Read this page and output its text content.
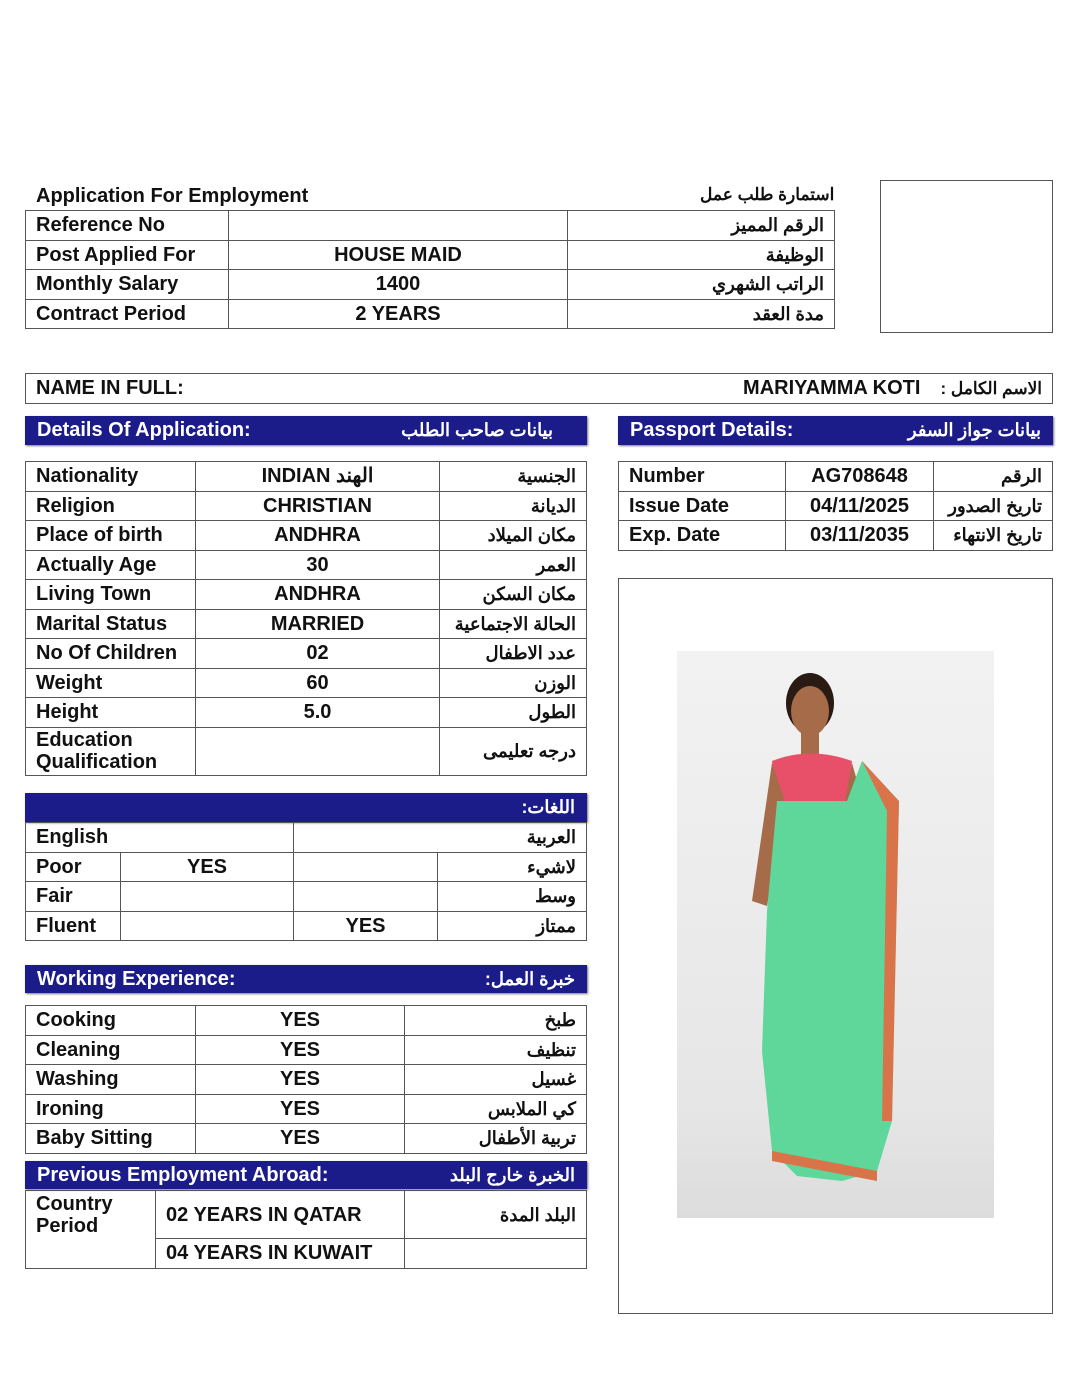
Application For Employment	استمارة طلب عمل
Reference No		الرقم المميز
Post Applied For	HOUSE MAID	الوظيفة
Monthly Salary	1400	الراتب الشهري
Contract Period	2 YEARS	مدة العقد
NAME IN FULL:	MARIYAMMA KOTI الاسم الكامل :
Details Of Application:	بيانات صاحب الطلب
Nationality	INDIAN الهند	الجنسية
Religion	CHRISTIAN	الديانة
Place of birth	ANDHRA	مكان الميلاد
Actually Age	30	العمر
Living Town	ANDHRA	مكان السكن
Marital Status	MARRIED	الحالة الاجتماعية
No Of Children	02	عدد الاطفال
Weight	60	الوزن
Height	5.0	الطول
Education
Qualification		درجه تعليمى
اللغات:
English		العربية	
Poor	YES		لاشيء
Fair			وسط
Fluent		YES	ممتاز
Working Experience:	خبرة العمل:
Cooking	YES	طبخ
Cleaning	YES	تنظيف
Washing	YES	غسيل
Ironing	YES	كي الملابس
Baby Sitting	YES	تربية الأطفال
Previous Employment Abroad:	الخبرة خارج البلد
Country
Period	02 YEARS IN QATAR	البلد المدة
	04 YEARS IN KUWAIT	
Passport Details:	بيانات جواز السفر
Number	AG708648	الرقم
Issue Date	04/11/2025	تاريخ الصدور
Exp. Date	03/11/2035	تاريخ الانتهاء
